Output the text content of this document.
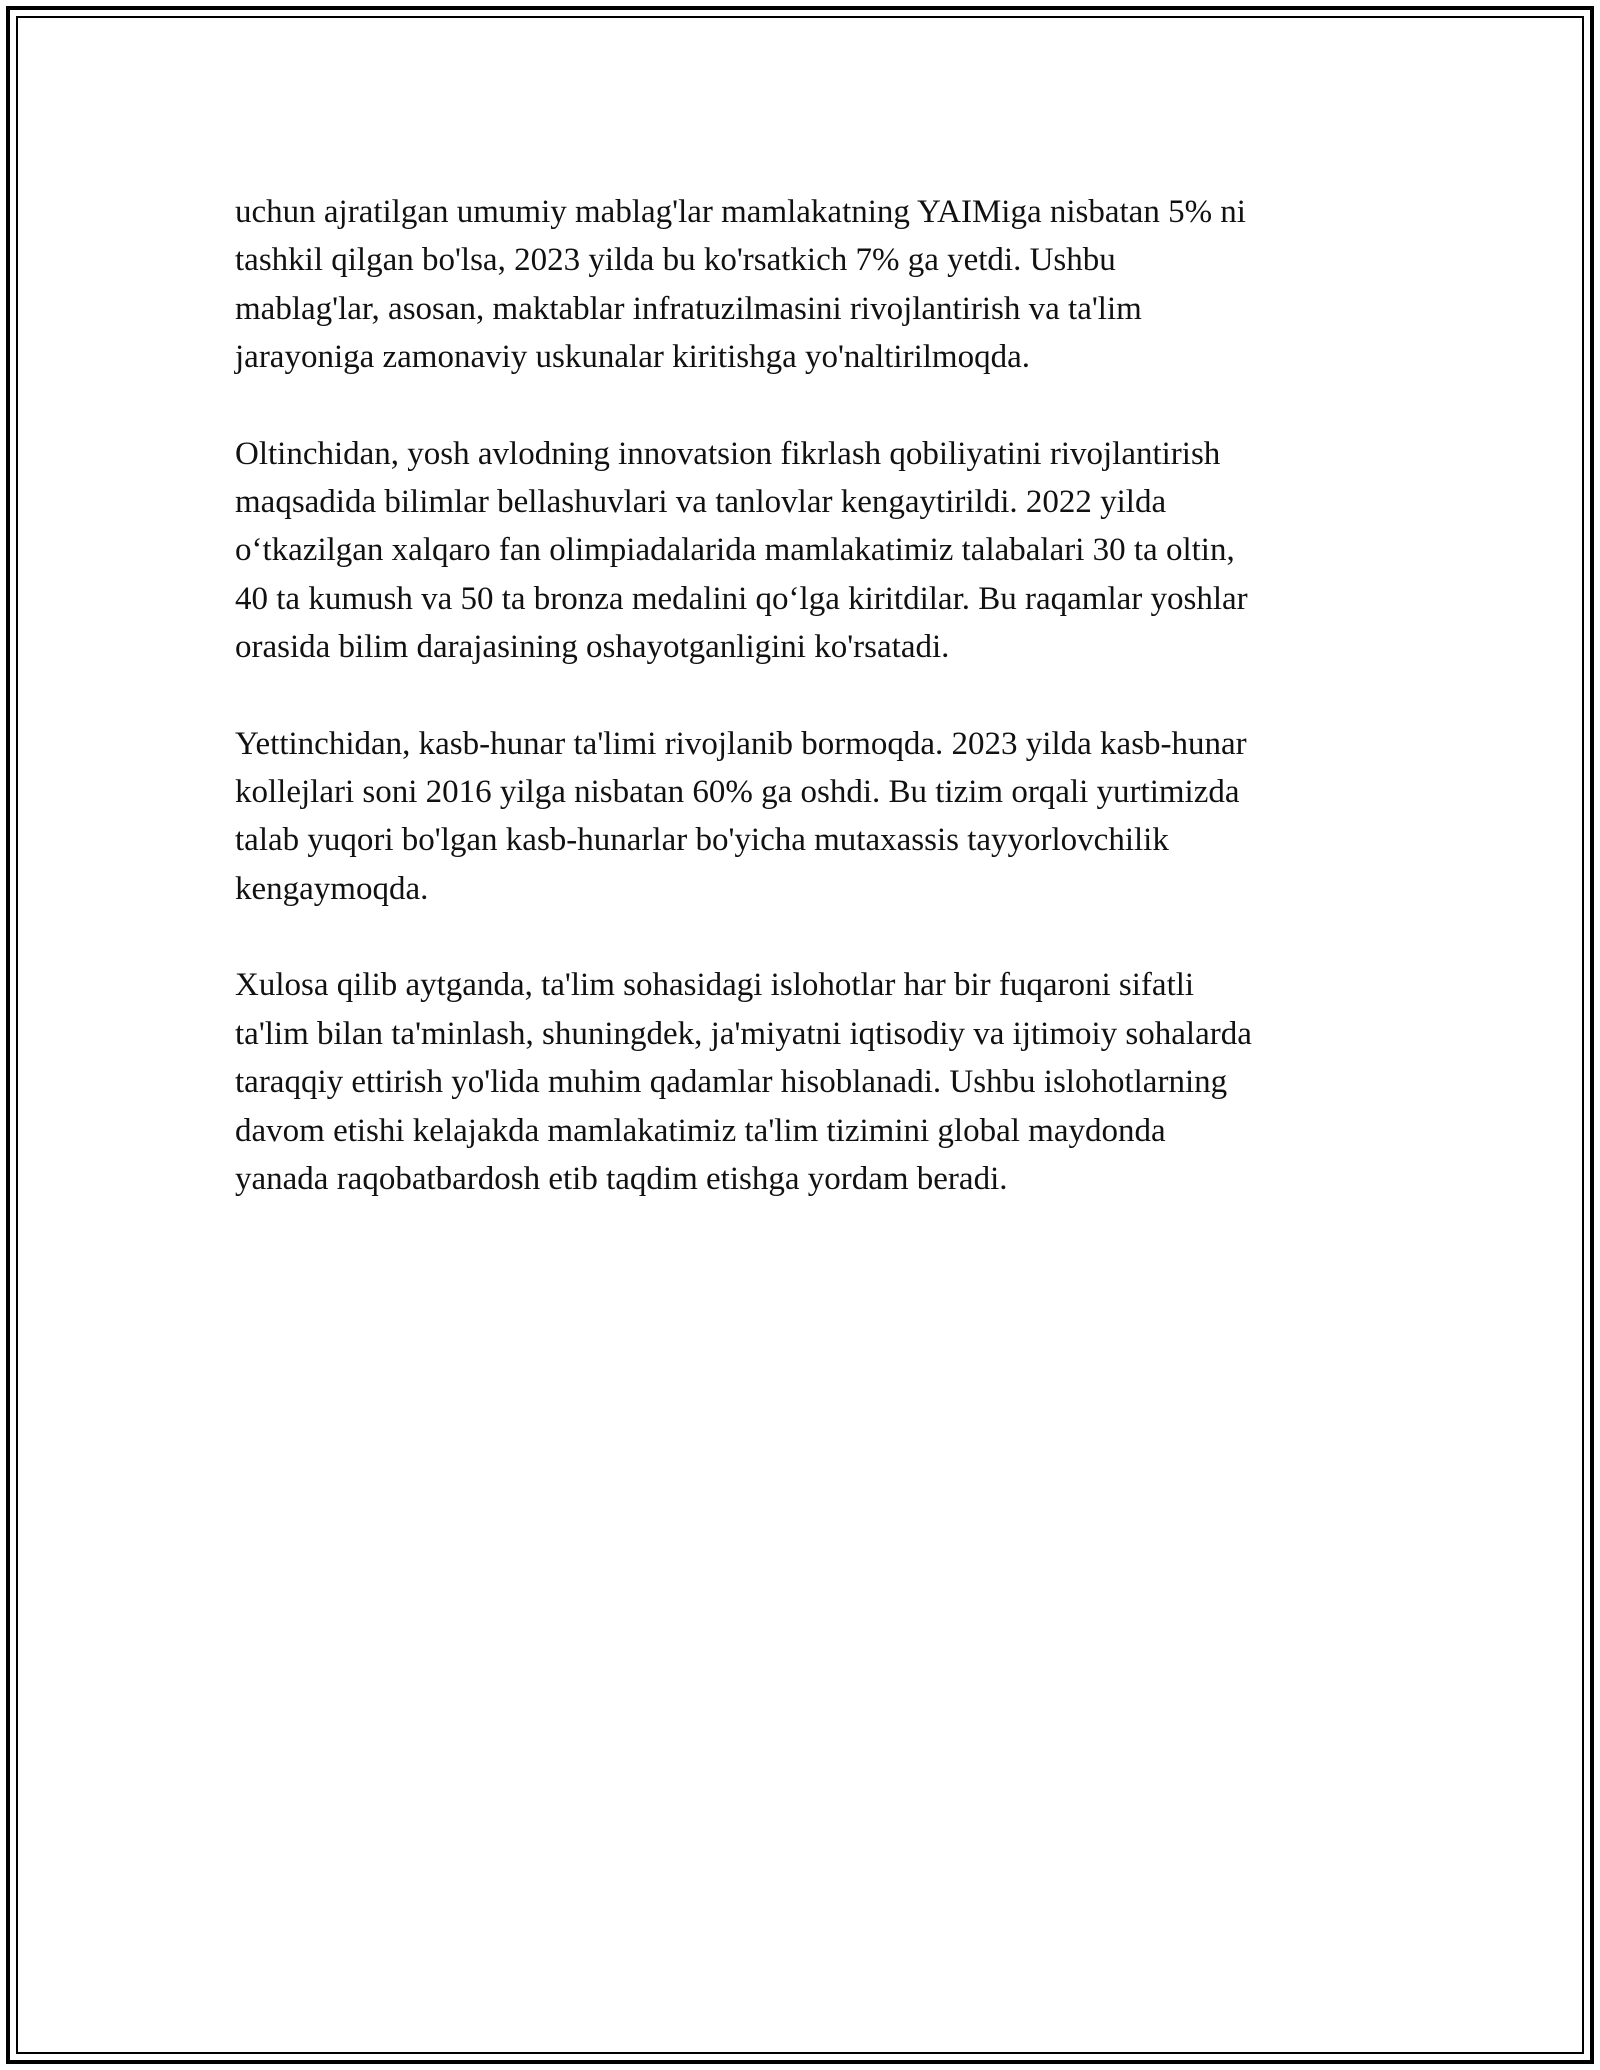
uchun ajratilgan umumiy mablag'lar mamlakatning YAIMiga nisbatan 5% ni
tashkil qilgan bo'lsa, 2023 yilda bu ko'rsatkich 7% ga yetdi. Ushbu
mablag'lar, asosan, maktablar infratuzilmasini rivojlantirish va ta'lim
jarayoniga zamonaviy uskunalar kiritishga yo'naltirilmoqda.

Oltinchidan, yosh avlodning innovatsion fikrlash qobiliyatini rivojlantirish
maqsadida bilimlar bellashuvlari va tanlovlar kengaytirildi. 2022 yilda
o‘tkazilgan xalqaro fan olimpiadalarida mamlakatimiz talabalari 30 ta oltin,
40 ta kumush va 50 ta bronza medalini qo‘lga kiritdilar. Bu raqamlar yoshlar
orasida bilim darajasining oshayotganligini ko'rsatadi.

Yettinchidan, kasb-hunar ta'limi rivojlanib bormoqda. 2023 yilda kasb-hunar
kollejlari soni 2016 yilga nisbatan 60% ga oshdi. Bu tizim orqali yurtimizda
talab yuqori bo'lgan kasb-hunarlar bo'yicha mutaxassis tayyorlovchilik
kengaymoqda.

Xulosa qilib aytganda, ta'lim sohasidagi islohotlar har bir fuqaroni sifatli
ta'lim bilan ta'minlash, shuningdek, ja'miyatni iqtisodiy va ijtimoiy sohalarda
taraqqiy ettirish yo'lida muhim qadamlar hisoblanadi. Ushbu islohotlarning
davom etishi kelajakda mamlakatimiz ta'lim tizimini global maydonda
yanada raqobatbardosh etib taqdim etishga yordam beradi.
